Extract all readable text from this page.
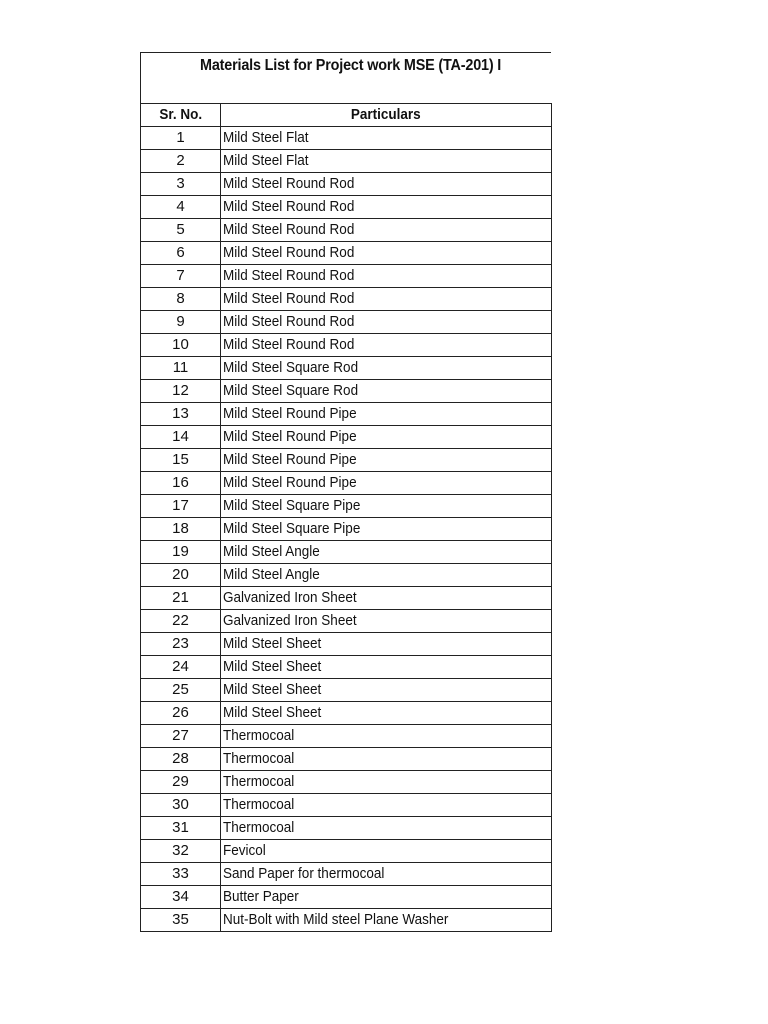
Materials List for Project work MSE (TA-201) I
Sr. No.	Particulars
1	Mild Steel Flat
2	Mild Steel Flat
3	Mild Steel Round Rod
4	Mild Steel Round Rod
5	Mild Steel Round Rod
6	Mild Steel Round Rod
7	Mild Steel Round Rod
8	Mild Steel Round Rod
9	Mild Steel Round Rod
10	Mild Steel Round Rod
11	Mild Steel Square Rod
12	Mild Steel Square Rod
13	Mild Steel Round Pipe
14	Mild Steel Round Pipe
15	Mild Steel Round Pipe
16	Mild Steel Round Pipe
17	Mild Steel Square Pipe
18	Mild Steel Square Pipe
19	Mild Steel Angle
20	Mild Steel Angle
21	Galvanized Iron Sheet
22	Galvanized Iron Sheet
23	Mild Steel Sheet
24	Mild Steel Sheet
25	Mild Steel Sheet
26	Mild Steel Sheet
27	Thermocoal
28	Thermocoal
29	Thermocoal
30	Thermocoal
31	Thermocoal
32	Fevicol
33	Sand Paper for thermocoal
34	Butter Paper
35	Nut-Bolt with Mild steel Plane Washer
